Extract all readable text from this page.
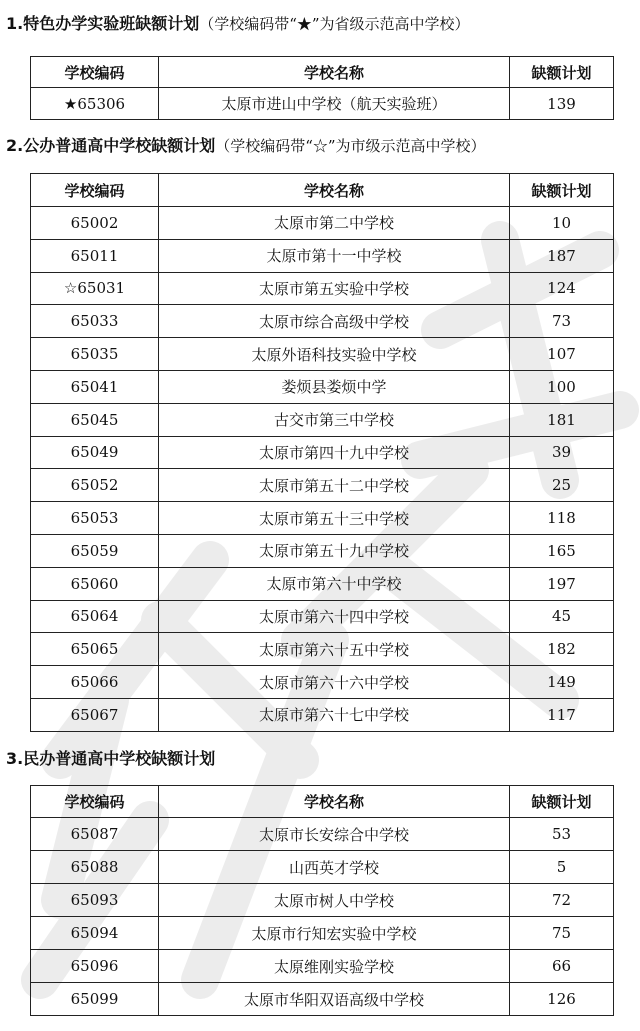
1.特色办学实验班缺额计划（学校编码带“★”为省级示范高中学校）
学校编码	学校名称	缺额计划
★65306	太原市进山中学校（航天实验班）	139
2.公办普通高中学校缺额计划（学校编码带“☆”为市级示范高中学校）
学校编码	学校名称	缺额计划
65002	太原市第二中学校	10
65011	太原市第十一中学校	187
☆65031	太原市第五实验中学校	124
65033	太原市综合高级中学校	73
65035	太原外语科技实验中学校	107
65041	娄烦县娄烦中学	100
65045	古交市第三中学校	181
65049	太原市第四十九中学校	39
65052	太原市第五十二中学校	25
65053	太原市第五十三中学校	118
65059	太原市第五十九中学校	165
65060	太原市第六十中学校	197
65064	太原市第六十四中学校	45
65065	太原市第六十五中学校	182
65066	太原市第六十六中学校	149
65067	太原市第六十七中学校	117
3.民办普通高中学校缺额计划
学校编码	学校名称	缺额计划
65087	太原市长安综合中学校	53
65088	山西英才学校	5
65093	太原市树人中学校	72
65094	太原市行知宏实验中学校	75
65096	太原维刚实验学校	66
65099	太原市华阳双语高级中学校	126
